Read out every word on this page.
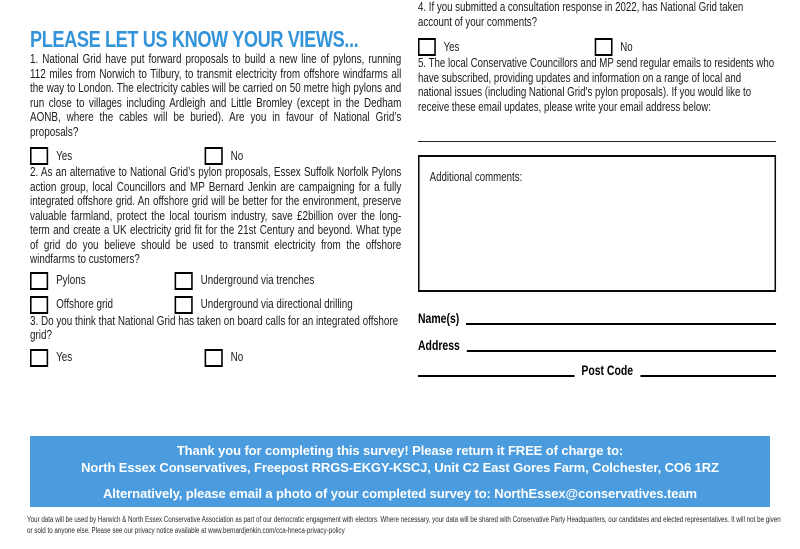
PLEASE LET US KNOW YOUR VIEWS...

1. National Grid have put forward proposals to build a new line of pylons, running 112 miles from Norwich to Tilbury, to transmit electricity from offshore windfarms all the way to London. The electricity cables will be carried on 50 metre high pylons and run close to villages including Ardleigh and Little Bromley (except in the Dedham AONB, where the cables will be buried). Are you in favour of National Grid’s proposals?

Yes	No

2. As an alternative to National Grid’s pylon proposals, Essex Suffolk Norfolk Pylons action group, local Councillors and MP Bernard Jenkin are campaigning for a fully integrated offshore grid. An offshore grid will be better for the environment, preserve valuable farmland, protect the local tourism industry, save £2billion over the long-term and create a UK electricity grid fit for the 21st Century and beyond. What type of grid do you believe should be used to transmit electricity from the offshore windfarms to customers?

Pylons	Underground via trenches
Offshore grid	Underground via directional drilling

3. Do you think that National Grid has taken on board calls for an integrated offshore grid?

Yes	No

4. If you submitted a consultation response in 2022, has National Grid taken account of your comments?

Yes	No

5. The local Conservative Councillors and MP send regular emails to residents who have subscribed, providing updates and information on a range of local and national issues (including National Grid’s pylon proposals). If you would like to receive these email updates, please write your email address below:

Additional comments:
Name(s)
Address
Post Code
Thank you for completing this survey! Please return it FREE of charge to:
North Essex Conservatives, Freepost RRGS-EKGY-KSCJ, Unit C2 East Gores Farm, Colchester, CO6 1RZ
Alternatively, please email a photo of your completed survey to: NorthEssex@conservatives.team

Your data will be used by Harwich & North Essex Conservative Association as part of our democratic engagement with electors. Where necessary, your data will be shared with Conservative Party Headquarters, our candidates and elected representatives. It will not be given or sold to anyone else. Please see our privacy notice available at www.bernardjenkin.com/cca-hneca-privacy-policy
